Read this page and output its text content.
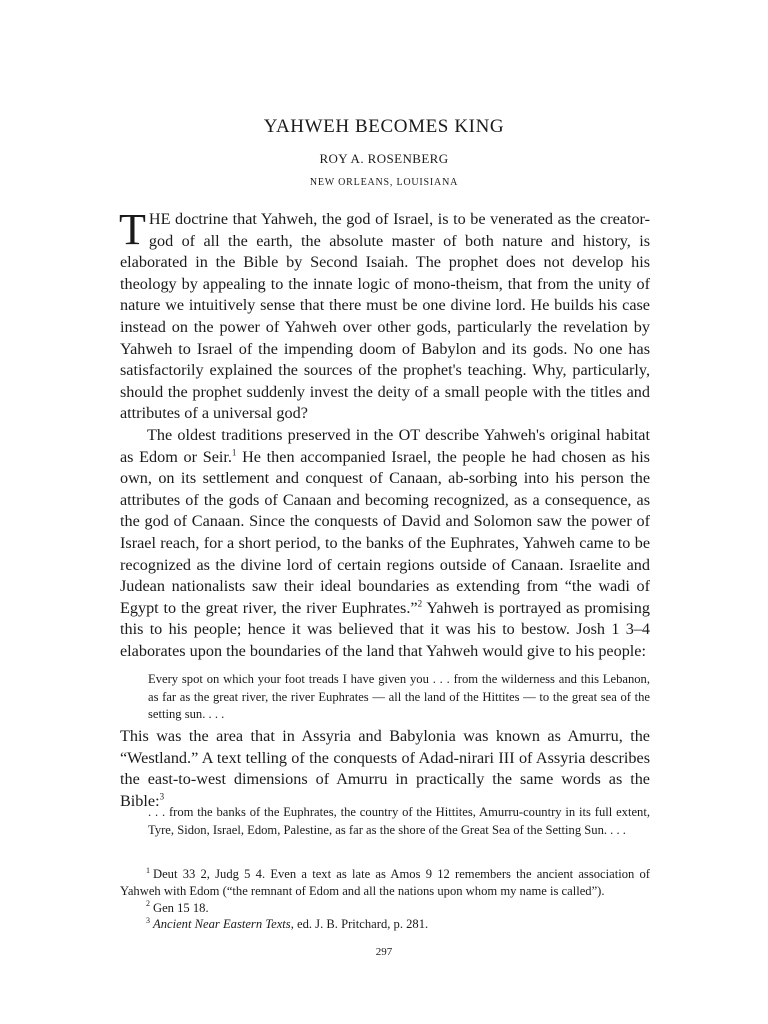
YAHWEH BECOMES KING

ROY A. ROSENBERG

NEW ORLEANS, LOUISIANA

THE doctrine that Yahweh, the god of Israel, is to be venerated as the creator-god of all the earth, the absolute master of both nature and history, is elaborated in the Bible by Second Isaiah. The prophet does not develop his theology by appealing to the innate logic of mono-theism, that from the unity of nature we intuitively sense that there must be one divine lord. He builds his case instead on the power of Yahweh over other gods, particularly the revelation by Yahweh to Israel of the impending doom of Babylon and its gods. No one has satisfactorily explained the sources of the prophet's teaching. Why, particularly, should the prophet suddenly invest the deity of a small people with the titles and attributes of a universal god?

The oldest traditions preserved in the OT describe Yahweh's original habitat as Edom or Seir.$^1$ He then accompanied Israel, the people he had chosen as his own, on its settlement and conquest of Canaan, ab-sorbing into his person the attributes of the gods of Canaan and becoming recognized, as a consequence, as the god of Canaan. Since the conquests of David and Solomon saw the power of Israel reach, for a short period, to the banks of the Euphrates, Yahweh came to be recognized as the divine lord of certain regions outside of Canaan. Israelite and Judean nationalists saw their ideal boundaries as extending from “the wadi of Egypt to the great river, the river Euphrates.”$^2$ Yahweh is portrayed as promising this to his people; hence it was believed that it was his to bestow. Josh 1 3–4 elaborates upon the boundaries of the land that Yahweh would give to his people:

Every spot on which your foot treads I have given you . . . from the wilderness and this Lebanon, as far as the great river, the river Euphrates — all the land of the Hittites — to the great sea of the setting sun. . . .

This was the area that in Assyria and Babylonia was known as Amurru, the “Westland.” A text telling of the conquests of Adad-nirari III of Assyria describes the east-to-west dimensions of Amurru in practically the same words as the Bible:$^3$

. . . from the banks of the Euphrates, the country of the Hittites, Amurru-country in its full extent, Tyre, Sidon, Israel, Edom, Palestine, as far as the shore of the Great Sea of the Setting Sun. . . .

$^1$ Deut 33 2, Judg 5 4. Even a text as late as Amos 9 12 remembers the ancient association of Yahweh with Edom (“the remnant of Edom and all the nations upon whom my name is called”).

$^2$ Gen 15 18.

$^3$ Ancient Near Eastern Texts, ed. J. B. Pritchard, p. 281.

297
